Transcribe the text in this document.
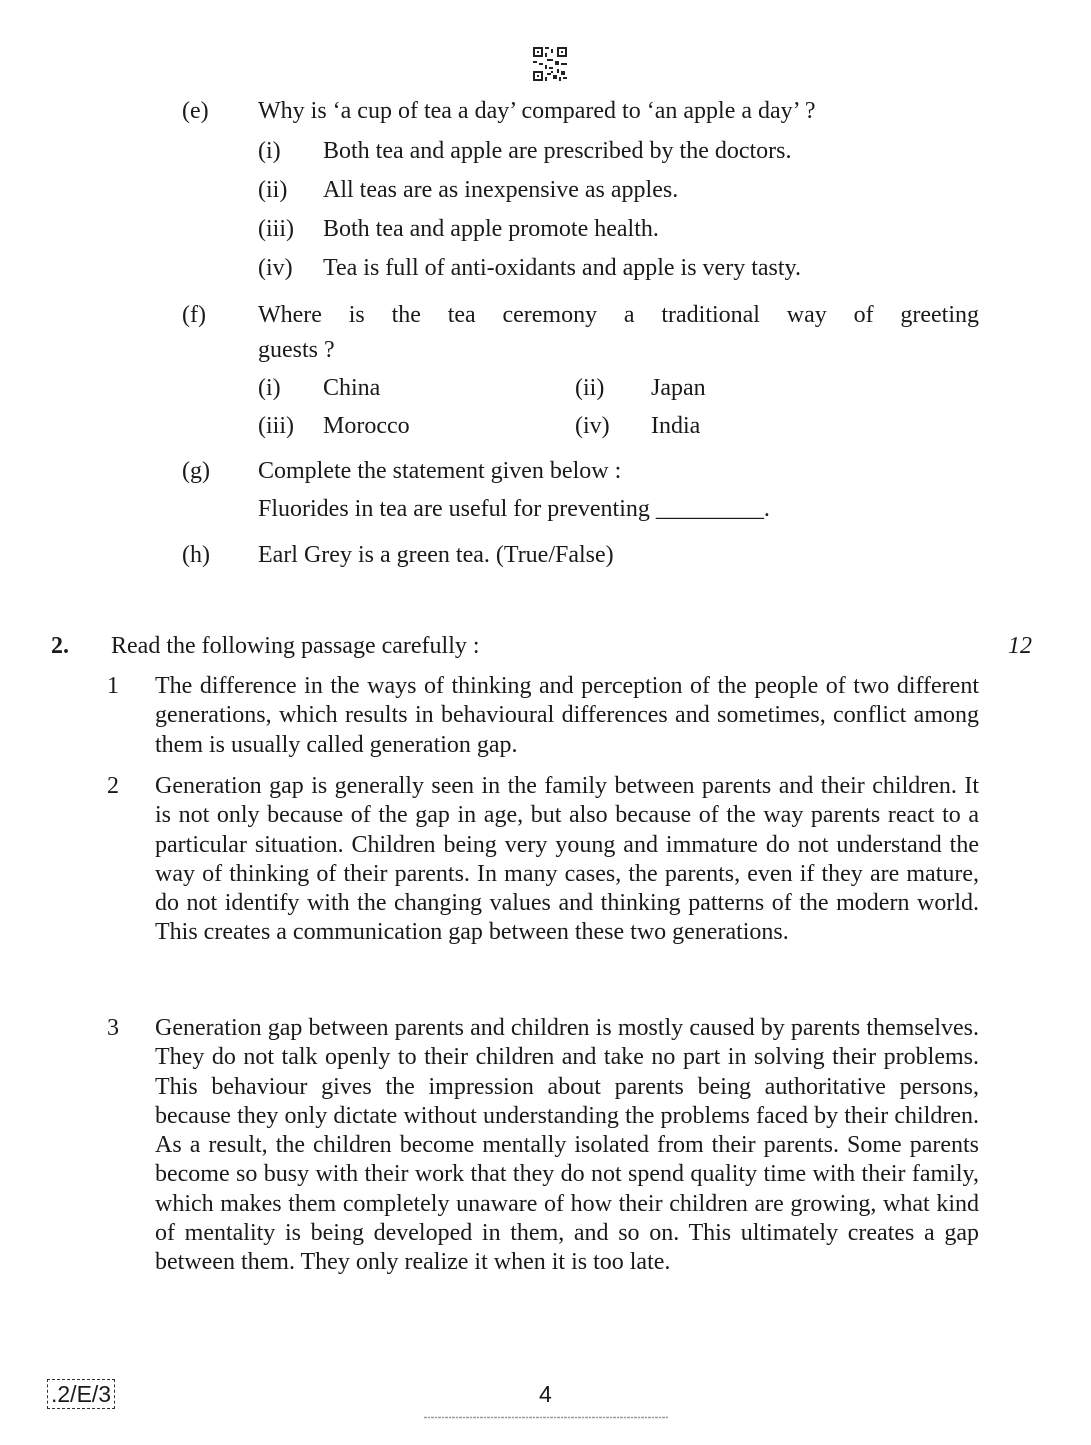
(e) Why is ‘a cup of tea a day’ compared to ‘an apple a day’ ?
(i) Both tea and apple are prescribed by the doctors.
(ii) All teas are as inexpensive as apples.
(iii) Both tea and apple promote health.
(iv) Tea is full of anti-oxidants and apple is very tasty.
(f) Where is the tea ceremony a traditional way of greeting
guests ?
(i) China	(ii) Japan
(iii) Morocco	(iv) India
(g) Complete the statement given below :
Fluorides in tea are useful for preventing _________.
(h) Earl Grey is a green tea. (True/False)
2. Read the following passage carefully :	12
1 The difference in the ways of thinking and perception of the people of two different generations, which results in behavioural differences and sometimes, conflict among them is usually called generation gap.
2 Generation gap is generally seen in the family between parents and their children. It is not only because of the gap in age, but also because of the way parents react to a particular situation. Children being very young and immature do not understand the way of thinking of their parents. In many cases, the parents, even if they are mature, do not identify with the changing values and thinking patterns of the modern world. This creates a communication gap between these two generations.
3 Generation gap between parents and children is mostly caused by parents themselves. They do not talk openly to their children and take no part in solving their problems. This behaviour gives the impression about parents being authoritative persons, because they only dictate without understanding the problems faced by their children. As a result, the children become mentally isolated from their parents. Some parents become so busy with their work that they do not spend quality time with their family, which makes them completely unaware of how their children are growing, what kind of mentality is being developed in them, and so on. This ultimately creates a gap between them. They only realize it when it is too late.
.2/E/3	4
